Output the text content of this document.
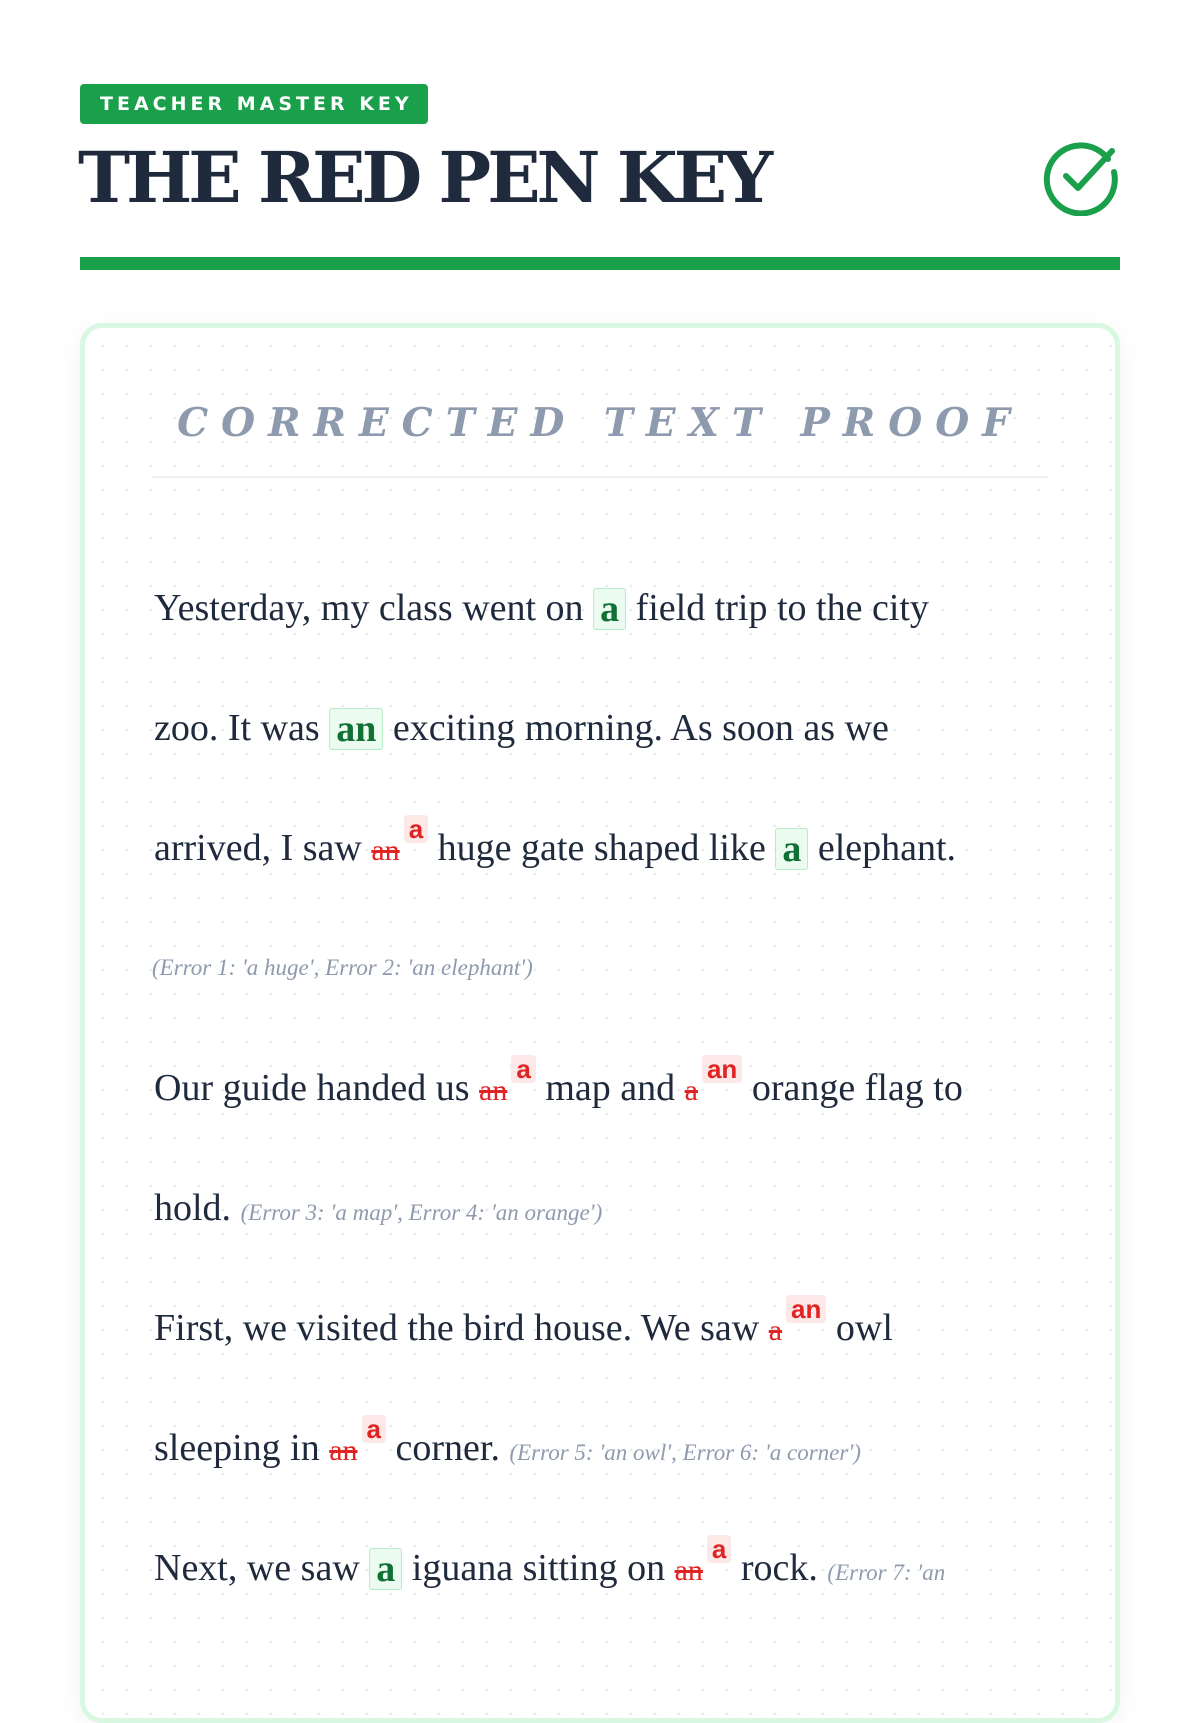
TEACHER MASTER KEY
THE RED PEN KEY
CORRECTED TEXT PROOF
Yesterday, my class went on a field trip to the city
zoo. It was an exciting morning. As soon as we
arrived, I saw ana huge gate shaped like a elephant.
(Error 1: 'a huge', Error 2: 'an elephant')
Our guide handed us ana map and aan orange flag to
hold. (Error 3: 'a map', Error 4: 'an orange')
First, we visited the bird house. We saw aan owl
sleeping in ana corner. (Error 5: 'an owl', Error 6: 'a corner')
Next, we saw a iguana sitting on ana rock. (Error 7: 'an
